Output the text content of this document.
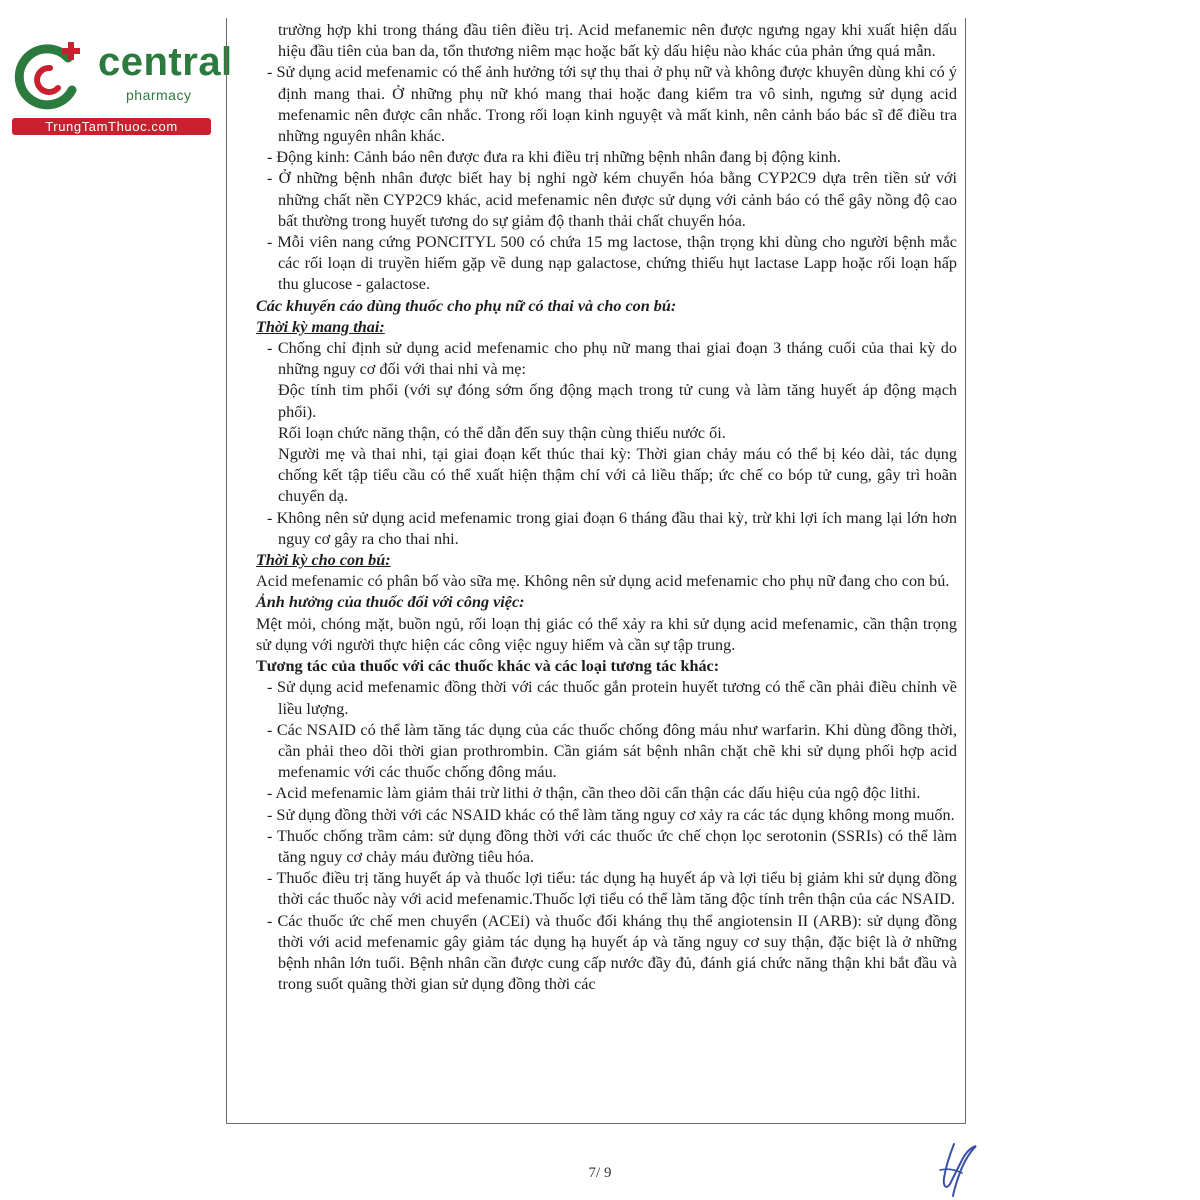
central
pharmacy
TrungTamThuoc.com

trường hợp khi trong tháng đầu tiên điều trị. Acid mefanemic nên được ngưng ngay khi xuất hiện dấu hiệu đầu tiên của ban da, tổn thương niêm mạc hoặc bất kỳ dấu hiệu nào khác của phản ứng quá mẫn.

- Sử dụng acid mefenamic có thể ảnh hưởng tới sự thụ thai ở phụ nữ và không được khuyên dùng khi có ý định mang thai. Ở những phụ nữ khó mang thai hoặc đang kiểm tra vô sinh, ngưng sử dụng acid mefenamic nên được cân nhắc. Trong rối loạn kinh nguyệt và mất kinh, nên cảnh báo bác sĩ để điều tra những nguyên nhân khác.

- Động kinh: Cảnh báo nên được đưa ra khi điều trị những bệnh nhân đang bị động kinh.

- Ở những bệnh nhân được biết hay bị nghi ngờ kém chuyển hóa bằng CYP2C9 dựa trên tiền sử với những chất nền CYP2C9 khác, acid mefenamic nên được sử dụng với cảnh báo có thể gây nồng độ cao bất thường trong huyết tương do sự giảm độ thanh thải chất chuyển hóa.

- Mỗi viên nang cứng PONCITYL 500 có chứa 15 mg lactose, thận trọng khi dùng cho người bệnh mắc các rối loạn di truyền hiếm gặp về dung nạp galactose, chứng thiếu hụt lactase Lapp hoặc rối loạn hấp thu glucose - galactose.

Các khuyến cáo dùng thuốc cho phụ nữ có thai và cho con bú:

Thời kỳ mang thai:

- Chống chỉ định sử dụng acid mefenamic cho phụ nữ mang thai giai đoạn 3 tháng cuối của thai kỳ do những nguy cơ đối với thai nhi và mẹ:

Độc tính tim phổi (với sự đóng sớm ống động mạch trong tử cung và làm tăng huyết áp động mạch phổi).

Rối loạn chức năng thận, có thể dẫn đến suy thận cùng thiếu nước ối.

Người mẹ và thai nhi, tại giai đoạn kết thúc thai kỳ: Thời gian chảy máu có thể bị kéo dài, tác dụng chống kết tập tiểu cầu có thể xuất hiện thậm chí với cả liều thấp; ức chế co bóp tử cung, gây trì hoãn chuyển dạ.

- Không nên sử dụng acid mefenamic trong giai đoạn 6 tháng đầu thai kỳ, trừ khi lợi ích mang lại lớn hơn nguy cơ gây ra cho thai nhi.

Thời kỳ cho con bú:

Acid mefenamic có phân bố vào sữa mẹ. Không nên sử dụng acid mefenamic cho phụ nữ đang cho con bú.

Ảnh hưởng của thuốc đối với công việc:

Mệt mỏi, chóng mặt, buồn ngủ, rối loạn thị giác có thể xảy ra khi sử dụng acid mefenamic, cần thận trọng sử dụng với người thực hiện các công việc nguy hiểm và cần sự tập trung.

Tương tác của thuốc với các thuốc khác và các loại tương tác khác:

- Sử dụng acid mefenamic đồng thời với các thuốc gắn protein huyết tương có thể cần phải điều chỉnh về liều lượng.

- Các NSAID có thể làm tăng tác dụng của các thuốc chống đông máu như warfarin. Khi dùng đồng thời, cần phải theo dõi thời gian prothrombin. Cần giám sát bệnh nhân chặt chẽ khi sử dụng phối hợp acid mefenamic với các thuốc chống đông máu.

- Acid mefenamic làm giảm thải trừ lithi ở thận, cần theo dõi cẩn thận các dấu hiệu của ngộ độc lithi.

- Sử dụng đồng thời với các NSAID khác có thể làm tăng nguy cơ xảy ra các tác dụng không mong muốn.

- Thuốc chống trầm cảm: sử dụng đồng thời với các thuốc ức chế chọn lọc serotonin (SSRIs) có thể làm tăng nguy cơ chảy máu đường tiêu hóa.

- Thuốc điều trị tăng huyết áp và thuốc lợi tiểu: tác dụng hạ huyết áp và lợi tiểu bị giảm khi sử dụng đồng thời các thuốc này với acid mefenamic.Thuốc lợi tiểu có thể làm tăng độc tính trên thận của các NSAID.

- Các thuốc ức chế men chuyển (ACEi) và thuốc đối kháng thụ thể angiotensin II (ARB): sử dụng đồng thời với acid mefenamic gây giảm tác dụng hạ huyết áp và tăng nguy cơ suy thận, đặc biệt là ở những bệnh nhân lớn tuổi. Bệnh nhân cần được cung cấp nước đầy đủ, đánh giá chức năng thận khi bắt đầu và trong suốt quãng thời gian sử dụng đồng thời các

7/ 9
